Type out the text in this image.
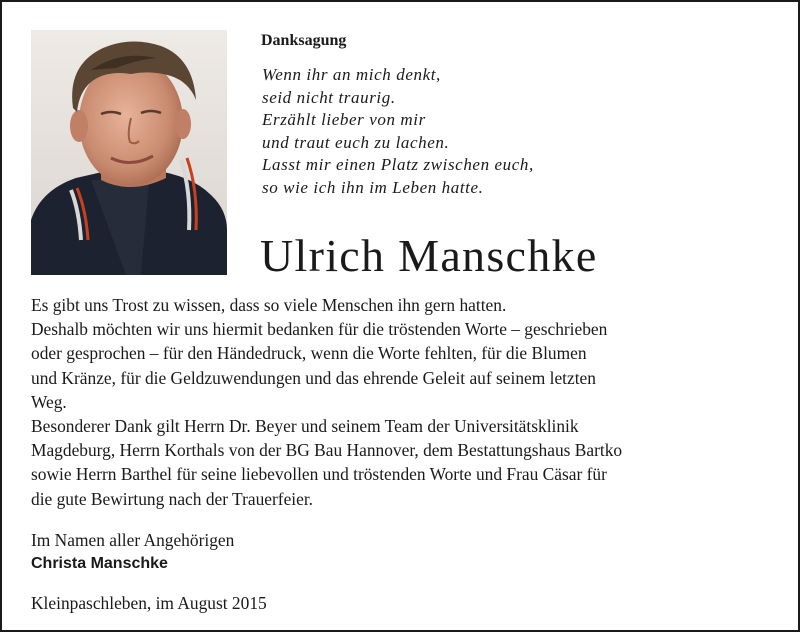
Danksagung
Wenn ihr an mich denkt,
seid nicht traurig.
Erzählt lieber von mir
und traut euch zu lachen.
Lasst mir einen Platz zwischen euch,
so wie ich ihn im Leben hatte.
Ulrich Manschke
Es gibt uns Trost zu wissen, dass so viele Menschen ihn gern hatten.
Deshalb möchten wir uns hiermit bedanken für die tröstenden Worte – geschrieben
oder gesprochen – für den Händedruck, wenn die Worte fehlten, für die Blumen
und Kränze, für die Geldzuwendungen und das ehrende Geleit auf seinem letzten
Weg.
Besonderer Dank gilt Herrn Dr. Beyer und seinem Team der Universitätsklinik
Magdeburg, Herrn Korthals von der BG Bau Hannover, dem Bestattungshaus Bartko
sowie Herrn Barthel für seine liebevollen und tröstenden Worte und Frau Cäsar für
die gute Bewirtung nach der Trauerfeier.
Im Namen aller Angehörigen
Christa Manschke
Kleinpaschleben, im August 2015
